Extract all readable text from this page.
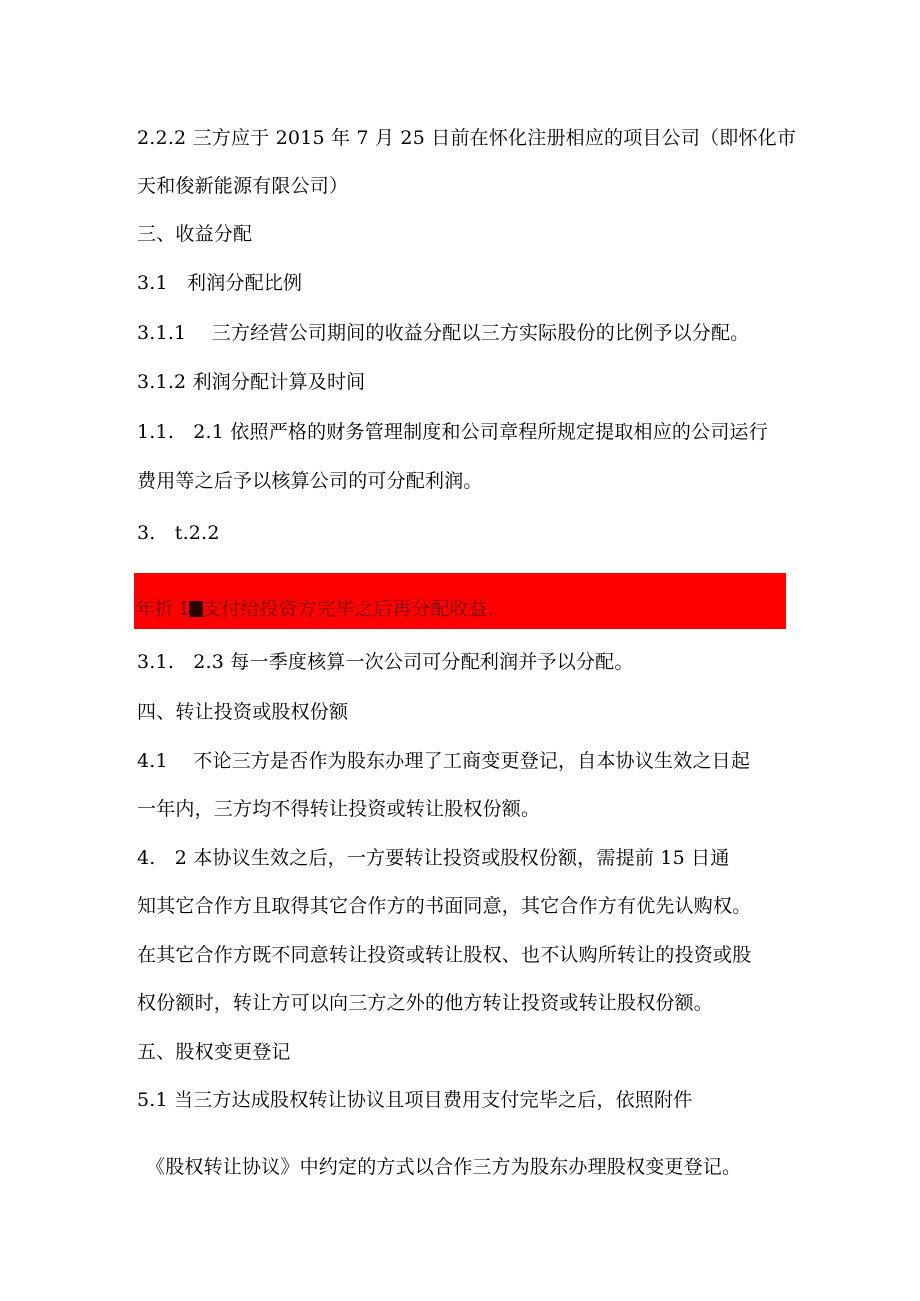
2.2.2 三方应于 2015 年 7 月 25 日前在怀化注册相应的项目公司（即怀化市
天和俊新能源有限公司）
三、收益分配
3.1　利润分配比例
3.1.1　 三方经营公司期间的收益分配以三方实际股份的比例予以分配。
3.1.2 利润分配计算及时间
1.1.　2.1 依照严格的财务管理制度和公司章程所规定提取相应的公司运行
费用等之后予以核算公司的可分配利润。
3.　t.2.2
年折 I 支付给投资方完毕之后再分配收益.
3.1.　2.3 每一季度核算一次公司可分配利润并予以分配。
四、转让投资或股权份额
4.1　 不论三方是否作为股东办理了工商变更登记，自本协议生效之日起
一年内，三方均不得转让投资或转让股权份额。
4.　2 本协议生效之后，一方要转让投资或股权份额，需提前 15 日通
知其它合作方且取得其它合作方的书面同意，其它合作方有优先认购权。
在其它合作方既不同意转让投资或转让股权、也不认购所转让的投资或股
权份额时，转让方可以向三方之外的他方转让投资或转让股权份额。
五、股权变更登记
5.1 当三方达成股权转让协议且项目费用支付完毕之后，依照附件
《股权转让协议》中约定的方式以合作三方为股东办理股权变更登记。
